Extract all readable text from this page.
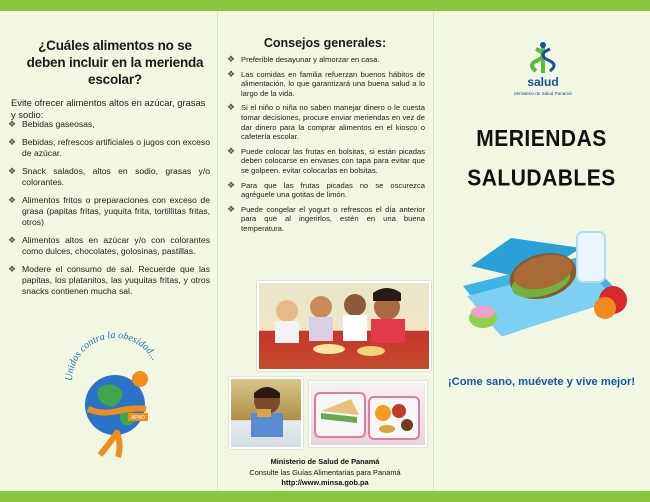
¿Cuáles alimentos no se deben incluir en la merienda escolar?
Evite ofrecer alimentos altos en azúcar, grasas y sodio:
❖ Bebidas gaseosas,
❖ Bebidas, refrescos artificiales o jugos con exceso de azúcar.
❖ Snack salados, altos en sodio, grasas y/o colorantes.
❖ Alimentos fritos o preparaciones con exceso de grasa (papitas fritas, yuquita frita, tortillitas fritas, otros)
❖ Alimentos altos en azúcar y/o con colorantes como dulces, chocolates, golosinas, pastillas.
❖ Modere el consumo de sal. Recuerde que las papitas, los platanitos, las yuquitas fritas, y otros snacks contienen mucha sal.
Unidos contra la obesidad...
APND
Consejos generales:
❖ Preferible desayunar y almorzar en casa.
❖ Las comidas en familia refuerzan buenos hábitos de alimentación, lo que garantizará una buena salud a lo largo de la vida.
❖ Si el niño o niña no saben manejar dinero o le cuesta tomar decisiones, procure enviar meriendas en vez de dar dinero para la comprar alimentos en el kiosco o cafetería escolar.
❖ Puede colocar las frutas en bolsitas, si están picadas deben colocarse en envases con tapa para evitar que se golpeen. evitar colocarlas en bolsitas.
❖ Para que las frutas picadas no se oscurezca agréguele una gotitas de limón.
❖ Puede congelar el yogurt o refrescos el día anterior para que al ingerirlos, estén en una buena temperatura.
Ministerio de Salud de Panamá
Consulte las Guías Alimentarias para Panamá
http://www.minsa.gob.pa
salud
Ministerio de Salud Panamá
MERIENDAS
SALUDABLES
¡Come sano, muévete y vive mejor!
